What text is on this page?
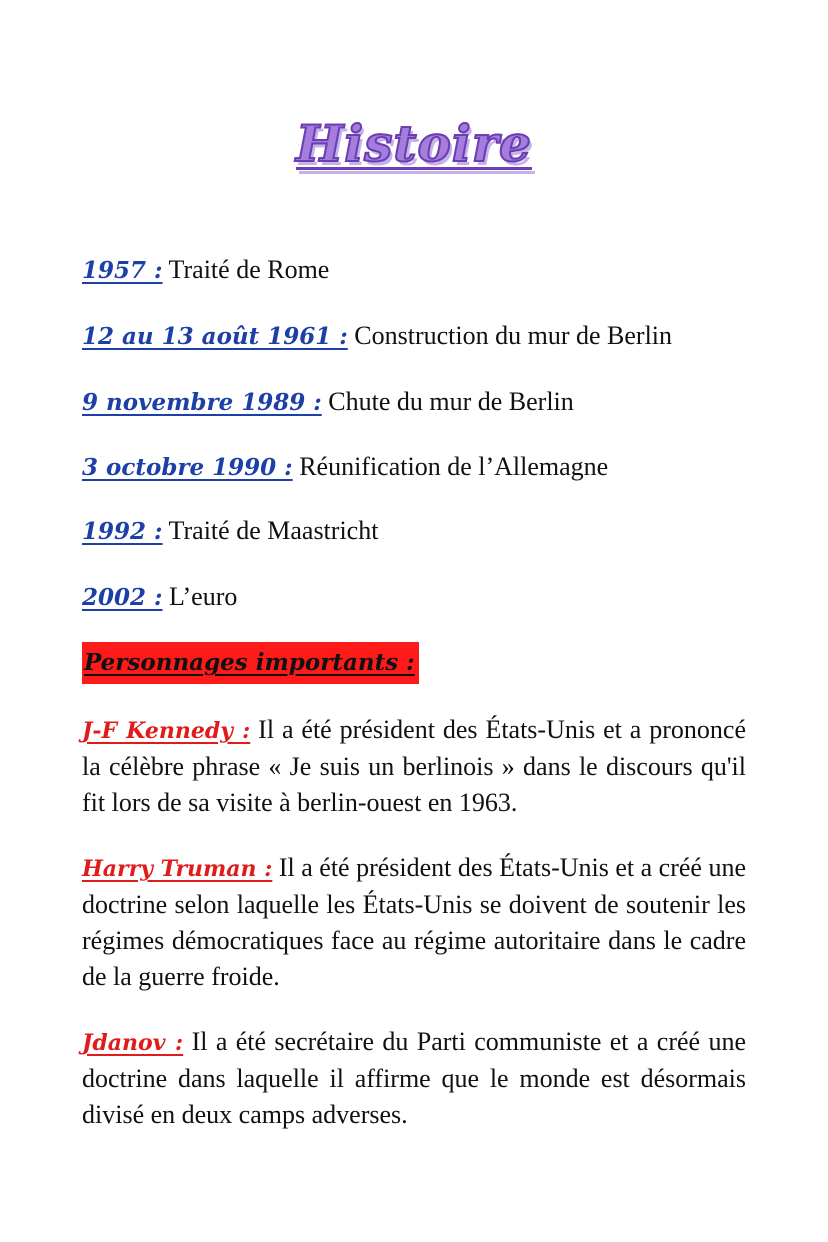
Histoire
1957 : Traité de Rome
12 au 13 août 1961 : Construction du mur de Berlin
9 novembre 1989 : Chute du mur de Berlin
3 octobre 1990 : Réunification de l’Allemagne
1992 : Traité de Maastricht
2002 : L’euro
Personnages importants :
J-F Kennedy : Il a été président des États-Unis et a prononcé la célèbre phrase « Je suis un berlinois » dans le discours qu'il fit lors de sa visite à berlin-ouest en 1963.
Harry Truman : Il a été président des États-Unis et a créé une doctrine selon laquelle les États-Unis se doivent de soutenir les régimes démocratiques face au régime autoritaire dans le cadre de la guerre froide.
Jdanov : Il a été secrétaire du Parti communiste et a créé une doctrine dans laquelle il affirme que le monde est désormais divisé en deux camps adverses.
